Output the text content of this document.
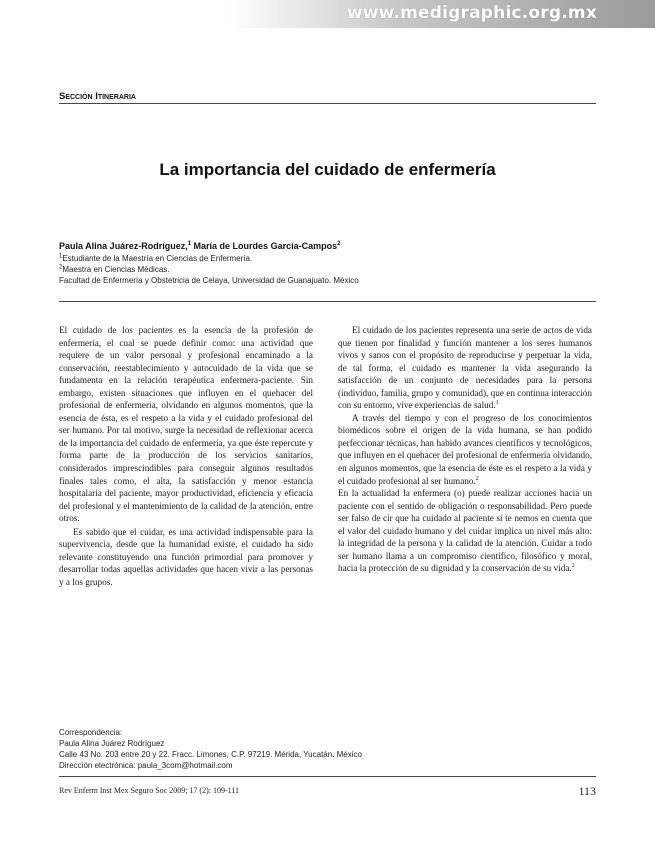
www.medigraphic.org.mx
Sección Itineraria
La importancia del cuidado de enfermería
Paula Alina Juárez-Rodríguez,$^1$ María de Lourdes García-Campos$^2$
$^1$Estudiante de la Maestría en Ciencias de Enfermería.
$^2$Maestra en Ciencias Médicas.
Facultad de Enfermería y Obstetricia de Celaya, Universidad de Guanajuato. México

El cuidado de los pacientes es la esencia de la profesión de enfermería, el cual se puede definir como: una actividad que requiere de un valor personal y profesional encaminado a la conservación, reestablecimiento y autocuidado de la vida que se fundamenta en la relación terapéutica enfermera-paciente. Sin embargo, existen situaciones que influyen en el quehacer del profesional de enfermería, olvidando en algunos momentos, que la esencia de ésta, es el respeto a la vida y el cuidado profesional del ser humano. Por tal motivo, surge la necesidad de reflexionar acerca de la importancia del cuidado de enfermería, ya que éste repercute y forma parte de la producción de los servicios sanitarios, considerados imprescindibles para conseguir algunos resultados finales tales como, el alta, la satisfacción y menor estancia hospitalaria del paciente, mayor productividad, eficiencia y eficacia del profesional y el mantenimiento de la calidad de la atención, entre otros.

Es sabido que el cuidar, es una actividad indispensable para la supervivencia, desde que la humanidad existe, el cuidado ha sido relevante constituyendo una función primordial para promover y desarrollar todas aquellas actividades que hacen vivir a las personas y a los grupos.

El cuidado de los pacientes representa una serie de actos de vida que tienen por finalidad y función mantener a los seres humanos vivos y sanos con el propósito de reproducirse y perpetuar la vida, de tal forma, el cuidado es mantener la vida asegurando la satisfacción de un conjunto de necesidades para la persona (individuo, familia, grupo y comunidad), que en continua interacción con su entorno, vive experiencias de salud.$^1$

A través del tiempo y con el progreso de los conocimientos biomédicos sobre el origen de la vida humana, se han podido perfeccionar técnicas, han habido avances científicos y tecnológicos, que influyen en el quehacer del profesional de enfermería olvidando, en algunos momentos, que la esencia de éste es el respeto a la vida y el cuidado profesional al ser humano.$^2$

En la actualidad la enfermera (o) puede realizar acciones hacia un paciente con el sentido de obligación o responsabilidad. Pero puede ser falso de cir que ha cuidado al paciente si te nemos en cuenta que el valor del cuidado humano y del cuidar implica un nivel más alto: la integridad de la persona y la calidad de la atención. Cuidar a todo ser humano llama a un compromiso científico, filosófico y moral, hacia la protección de su dignidad y la conservación de su vida.$^2$

Correspondencia:
Paula Alina Juárez Rodríguez
Calle 43 No. 203 entre 20 y 22. Fracc. Limones, C.P. 97219. Mérida, Yucatán. México
Dirección electrónica: paula_3com@hotmail.com
Rev Enferm Inst Mex Seguro Soc 2009; 17 (2): 109-111	113
